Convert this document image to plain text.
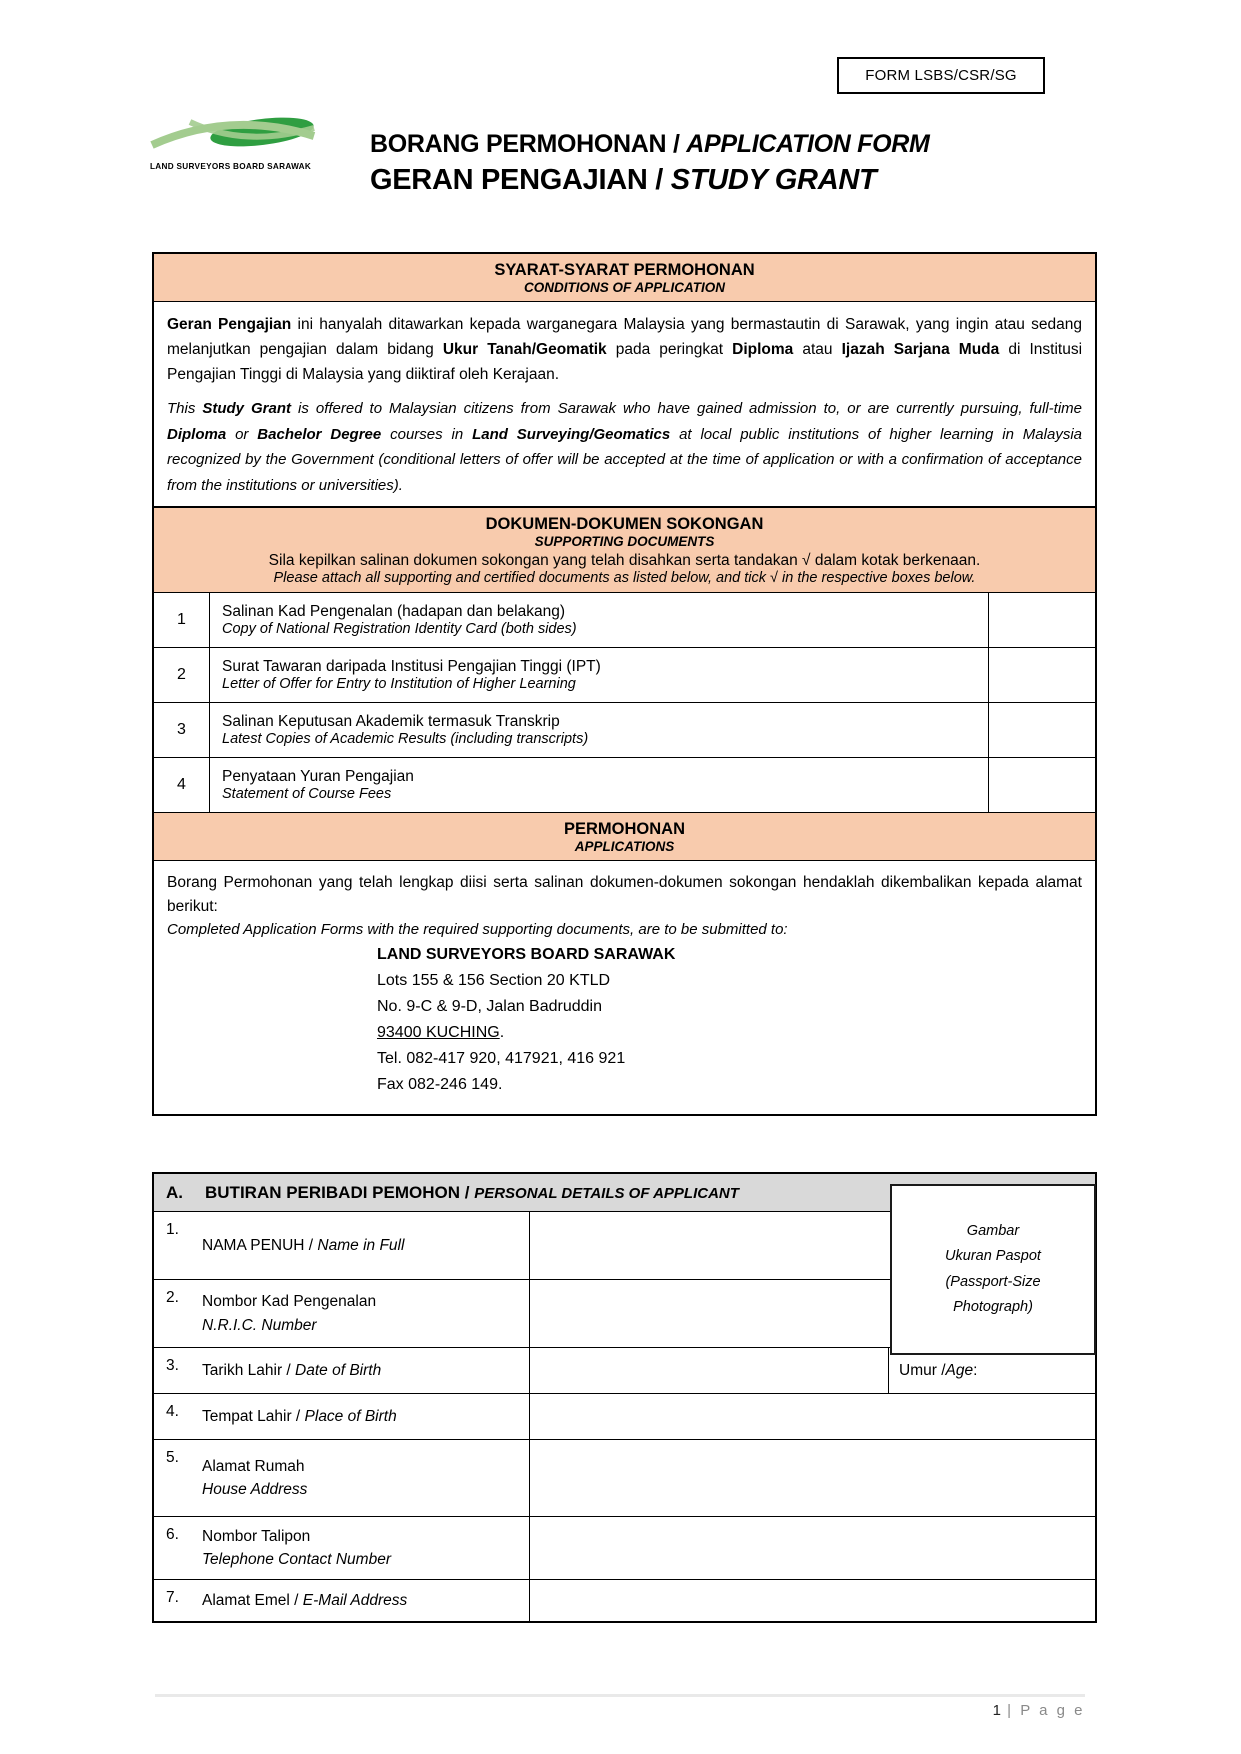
FORM LSBS/CSR/SG
LAND SURVEYORS BOARD SARAWAK
BORANG PERMOHONAN / APPLICATION FORM
GERAN PENGAJIAN / STUDY GRANT
SYARAT-SYARAT PERMOHONAN
CONDITIONS OF APPLICATION

Geran Pengajian ini hanyalah ditawarkan kepada warganegara Malaysia yang bermastautin di Sarawak, yang ingin atau sedang melanjutkan pengajian dalam bidang Ukur Tanah/Geomatik pada peringkat Diploma atau Ijazah Sarjana Muda di Institusi Pengajian Tinggi di Malaysia yang diiktiraf oleh Kerajaan.

This Study Grant is offered to Malaysian citizens from Sarawak who have gained admission to, or are currently pursuing, full-time Diploma or Bachelor Degree courses in Land Surveying/Geomatics at local public institutions of higher learning in Malaysia recognized by the Government (conditional letters of offer will be accepted at the time of application or with a confirmation of acceptance from the institutions or universities).

DOKUMEN-DOKUMEN SOKONGAN
SUPPORTING DOCUMENTS
Sila kepilkan salinan dokumen sokongan yang telah disahkan serta tandakan √ dalam kotak berkenaan.
Please attach all supporting and certified documents as listed below, and tick √ in the respective boxes below.
1	Salinan Kad Pengenalan (hadapan dan belakang)
Copy of National Registration Identity Card (both sides)
2	Surat Tawaran daripada Institusi Pengajian Tinggi (IPT)
Letter of Offer for Entry to Institution of Higher Learning
3	Salinan Keputusan Akademik termasuk Transkrip
Latest Copies of Academic Results (including transcripts)
4	Penyataan Yuran Pengajian
Statement of Course Fees
PERMOHONAN
APPLICATIONS

Borang Permohonan yang telah lengkap diisi serta salinan dokumen-dokumen sokongan hendaklah dikembalikan kepada alamat berikut:

Completed Application Forms with the required supporting documents, are to be submitted to:

LAND SURVEYORS BOARD SARAWAK
Lots 155 & 156 Section 20 KTLD
No. 9-C & 9-D, Jalan Badruddin
93400 KUCHING.
Tel. 082-417 920, 417921, 416 921
Fax 082-246 149.
Gambar
Ukuran Paspot
(Passport-Size
Photograph)
A. BUTIRAN PERIBADI PEMOHON / PERSONAL DETAILS OF APPLICANT
1.
NAMA PENUH / Name in Full
2.	Nombor Kad Pengenalan
N.R.I.C. Number
3.	Tarikh Lahir / Date of Birth	Umur / Age :
4.	Tempat Lahir / Place of Birth
5.
Alamat Rumah
House Address
6.	Nombor Talipon
Telephone Contact Number
7.	Alamat Emel / E-Mail Address
1 | P a g e
